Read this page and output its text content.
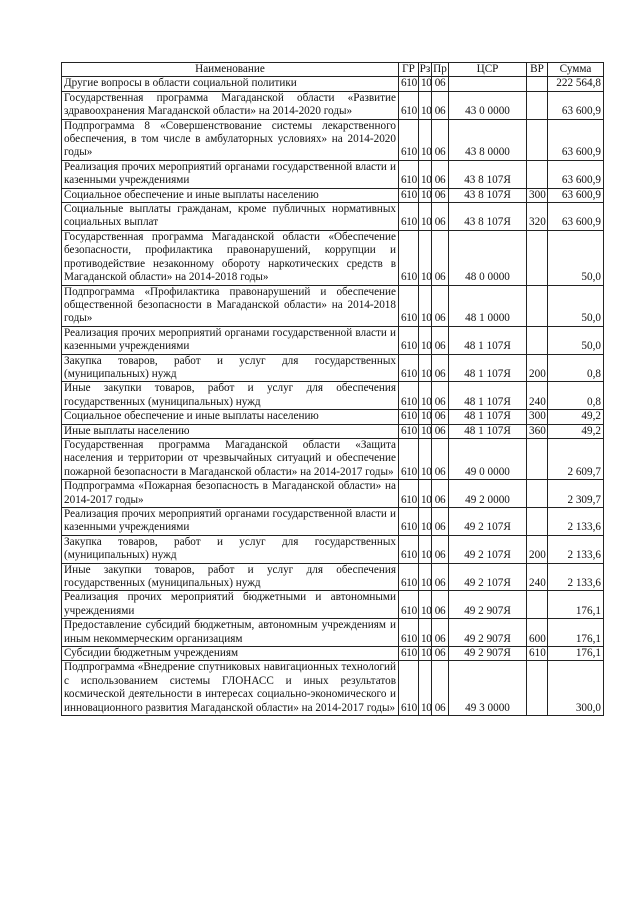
Наименование	ГР	Рз	Пр	ЦСР	ВР	Сумма
Другие вопросы в области социальной политики	610	10	06			222 564,8
Государственная программа Магаданской области «Развитие здравоохранения Магаданской области» на 2014-2020 годы»	610	10	06	43 0 0000		63 600,9
Подпрограмма 8 «Совершенствование системы лекарственного обеспечения, в том числе в амбулаторных условиях» на 2014-2020 годы»	610	10	06	43 8 0000		63 600,9
Реализация прочих мероприятий органами государственной власти и казенными учреждениями	610	10	06	43 8 107Я		63 600,9
Социальное обеспечение и иные выплаты населению	610	10	06	43 8 107Я	300	63 600,9
Социальные выплаты гражданам, кроме публичных нормативных социальных выплат	610	10	06	43 8 107Я	320	63 600,9
Государственная программа Магаданской области «Обеспечение безопасности, профилактика правонарушений, коррупции и противодействие незаконному обороту наркотических средств в Магаданской области» на 2014-2018 годы»	610	10	06	48 0 0000		50,0
Подпрограмма «Профилактика правонарушений и обеспечение общественной безопасности в Магаданской области» на 2014-2018 годы»	610	10	06	48 1 0000		50,0
Реализация прочих мероприятий органами государственной власти и казенными учреждениями	610	10	06	48 1 107Я		50,0
Закупка товаров, работ и услуг для государственных (муниципальных) нужд	610	10	06	48 1 107Я	200	0,8
Иные закупки товаров, работ и услуг для обеспечения государственных (муниципальных) нужд	610	10	06	48 1 107Я	240	0,8
Социальное обеспечение и иные выплаты населению	610	10	06	48 1 107Я	300	49,2
Иные выплаты населению	610	10	06	48 1 107Я	360	49,2
Государственная программа Магаданской области «Защита населения и территории от чрезвычайных ситуаций и обеспечение пожарной безопасности в Магаданской области» на 2014-2017 годы»	610	10	06	49 0 0000		2 609,7
Подпрограмма «Пожарная безопасность в Магаданской области» на 2014-2017 годы»	610	10	06	49 2 0000		2 309,7
Реализация прочих мероприятий органами государственной власти и казенными учреждениями	610	10	06	49 2 107Я		2 133,6
Закупка товаров, работ и услуг для государственных (муниципальных) нужд	610	10	06	49 2 107Я	200	2 133,6
Иные закупки товаров, работ и услуг для обеспечения государственных (муниципальных) нужд	610	10	06	49 2 107Я	240	2 133,6
Реализация прочих мероприятий бюджетными и автономными учреждениями	610	10	06	49 2 907Я		176,1
Предоставление субсидий бюджетным, автономным учреждениям и иным некоммерческим организациям	610	10	06	49 2 907Я	600	176,1
Субсидии бюджетным учреждениям	610	10	06	49 2 907Я	610	176,1
Подпрограмма «Внедрение спутниковых навигационных технологий с использованием системы ГЛОНАСС и иных результатов космической деятельности в интересах социально-экономического и инновационного развития Магаданской области» на 2014-2017 годы»	610	10	06	49 3 0000		300,0
